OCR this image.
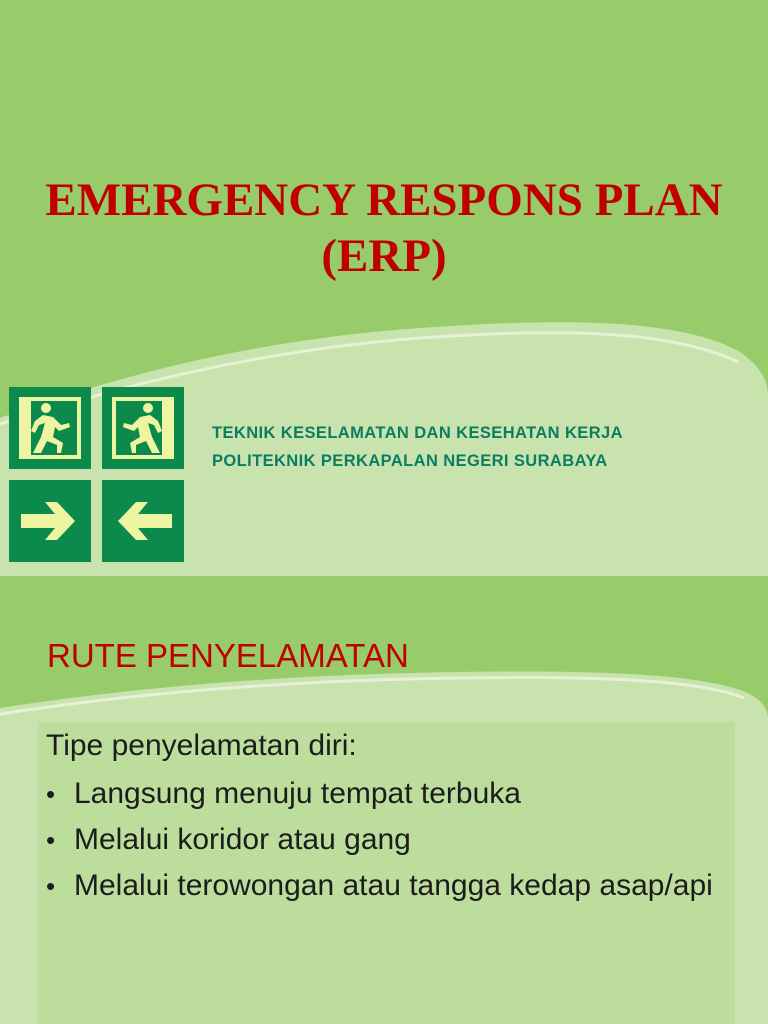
EMERGENCY RESPONS PLAN
(ERP)
TEKNIK KESELAMATAN DAN KESEHATAN KERJA
POLITEKNIK PERKAPALAN NEGERI SURABAYA
RUTE PENYELAMATAN
Tipe penyelamatan diri:
• Langsung menuju tempat terbuka
• Melalui koridor atau gang
• Melalui terowongan atau tangga kedap asap/api
